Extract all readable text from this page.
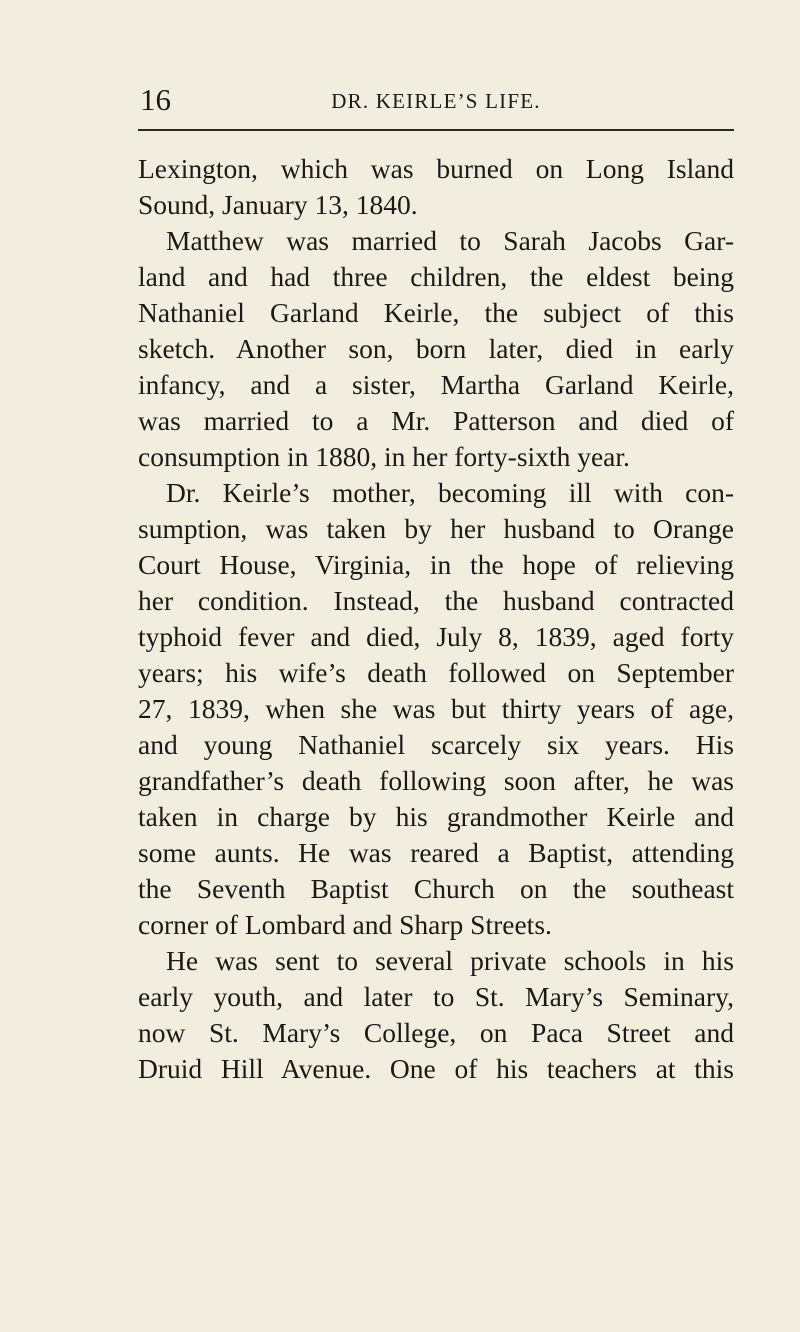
16	DR. KEIRLE’S LIFE.
Lexington, which was burned on Long Island
Sound, January 13, 1840.
Matthew was married to Sarah Jacobs Gar-
land and had three children, the eldest being
Nathaniel Garland Keirle, the subject of this
sketch. Another son, born later, died in early
infancy, and a sister, Martha Garland Keirle,
was married to a Mr. Patterson and died of
consumption in 1880, in her forty-sixth year.
Dr. Keirle’s mother, becoming ill with con-
sumption, was taken by her husband to Orange
Court House, Virginia, in the hope of relieving
her condition. Instead, the husband contracted
typhoid fever and died, July 8, 1839, aged forty
years; his wife’s death followed on September
27, 1839, when she was but thirty years of age,
and young Nathaniel scarcely six years. His
grandfather’s death following soon after, he was
taken in charge by his grandmother Keirle and
some aunts. He was reared a Baptist, attending
the Seventh Baptist Church on the southeast
corner of Lombard and Sharp Streets.
He was sent to several private schools in his
early youth, and later to St. Mary’s Seminary,
now St. Mary’s College, on Paca Street and
Druid Hill Avenue. One of his teachers at this
